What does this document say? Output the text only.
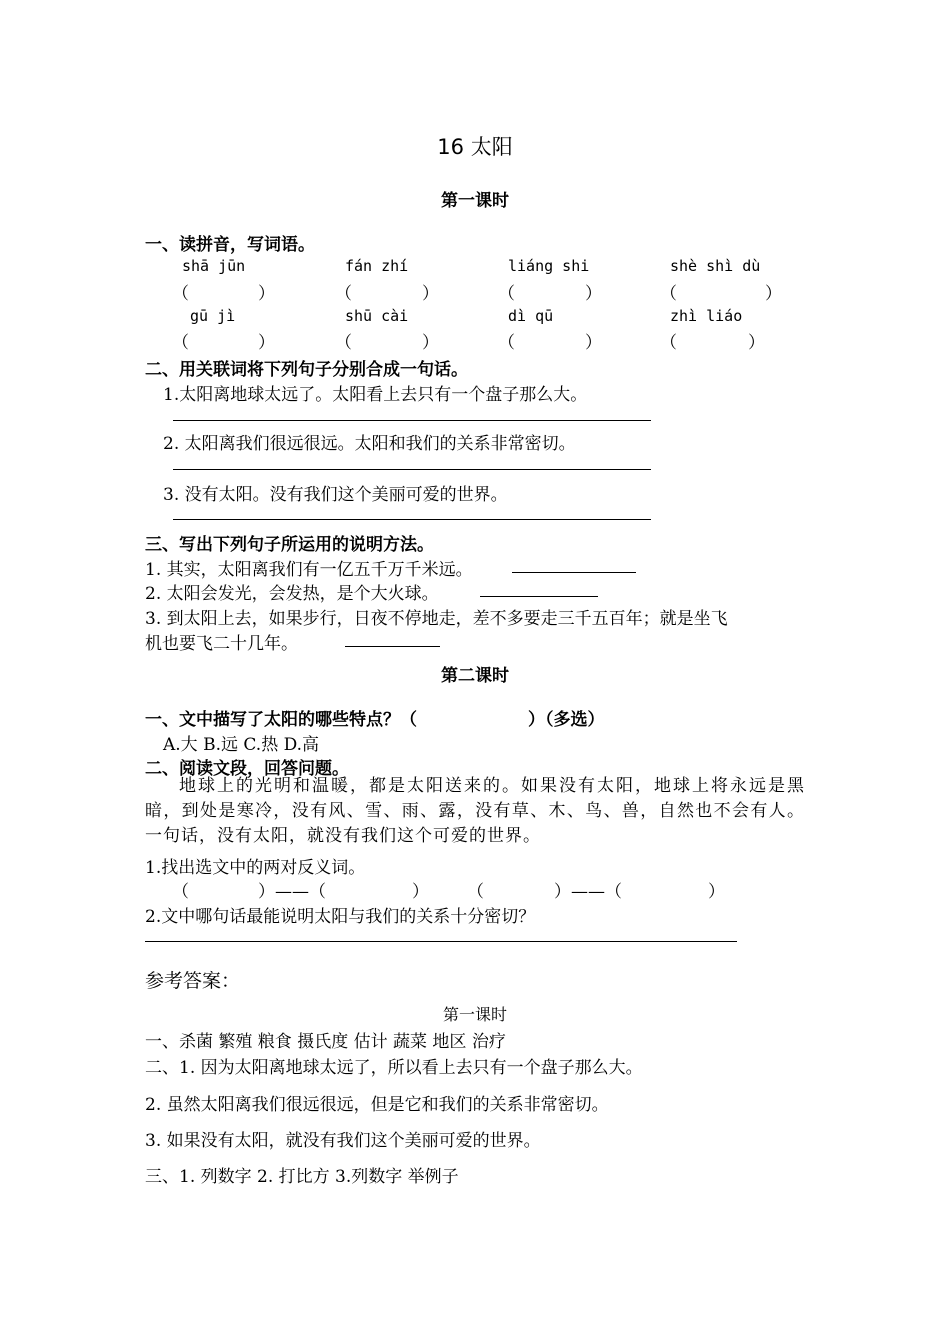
16 太阳
第一课时
一、读拼音，写词语。
shā jūn	fán zhí	liáng shi	shè shì dù
（	）	（	）	（	）	（	）
gū jì	shū cài	dì qū	zhì liáo
（	）	（	）	（	）	（	）
二、用关联词将下列句子分别合成一句话。
1.太阳离地球太远了。太阳看上去只有一个盘子那么大。
2. 太阳离我们很远很远。太阳和我们的关系非常密切。
3. 没有太阳。没有我们这个美丽可爱的世界。
三、写出下列句子所运用的说明方法。
1. 其实，太阳离我们有一亿五千万千米远。
2. 太阳会发光，会发热，是个大火球。
3. 到太阳上去，如果步行，日夜不停地走，差不多要走三千五百年；就是坐飞
机也要飞二十几年。
第二课时
一、文中描写了太阳的哪些特点？（	）（多选）
A.大 B.远 C.热 D.高
二、阅读文段，回答问题。
地球上的光明和温暖，都是太阳送来的。如果没有太阳，地球上将永远是黑暗，到处是寒冷，没有风、雪、雨、露，没有草、木、鸟、兽，自然也不会有人。一句话，没有太阳，就没有我们这个可爱的世界。
1.找出选文中的两对反义词。
（	）——（	） （	）——（	）
2.文中哪句话最能说明太阳与我们的关系十分密切？
参考答案：
第一课时
一、杀菌 繁殖 粮食 摄氏度 估计 蔬菜 地区 治疗
二、1. 因为太阳离地球太远了，所以看上去只有一个盘子那么大。
2. 虽然太阳离我们很远很远，但是它和我们的关系非常密切。
3. 如果没有太阳，就没有我们这个美丽可爱的世界。
三、1. 列数字 2. 打比方 3.列数字 举例子
